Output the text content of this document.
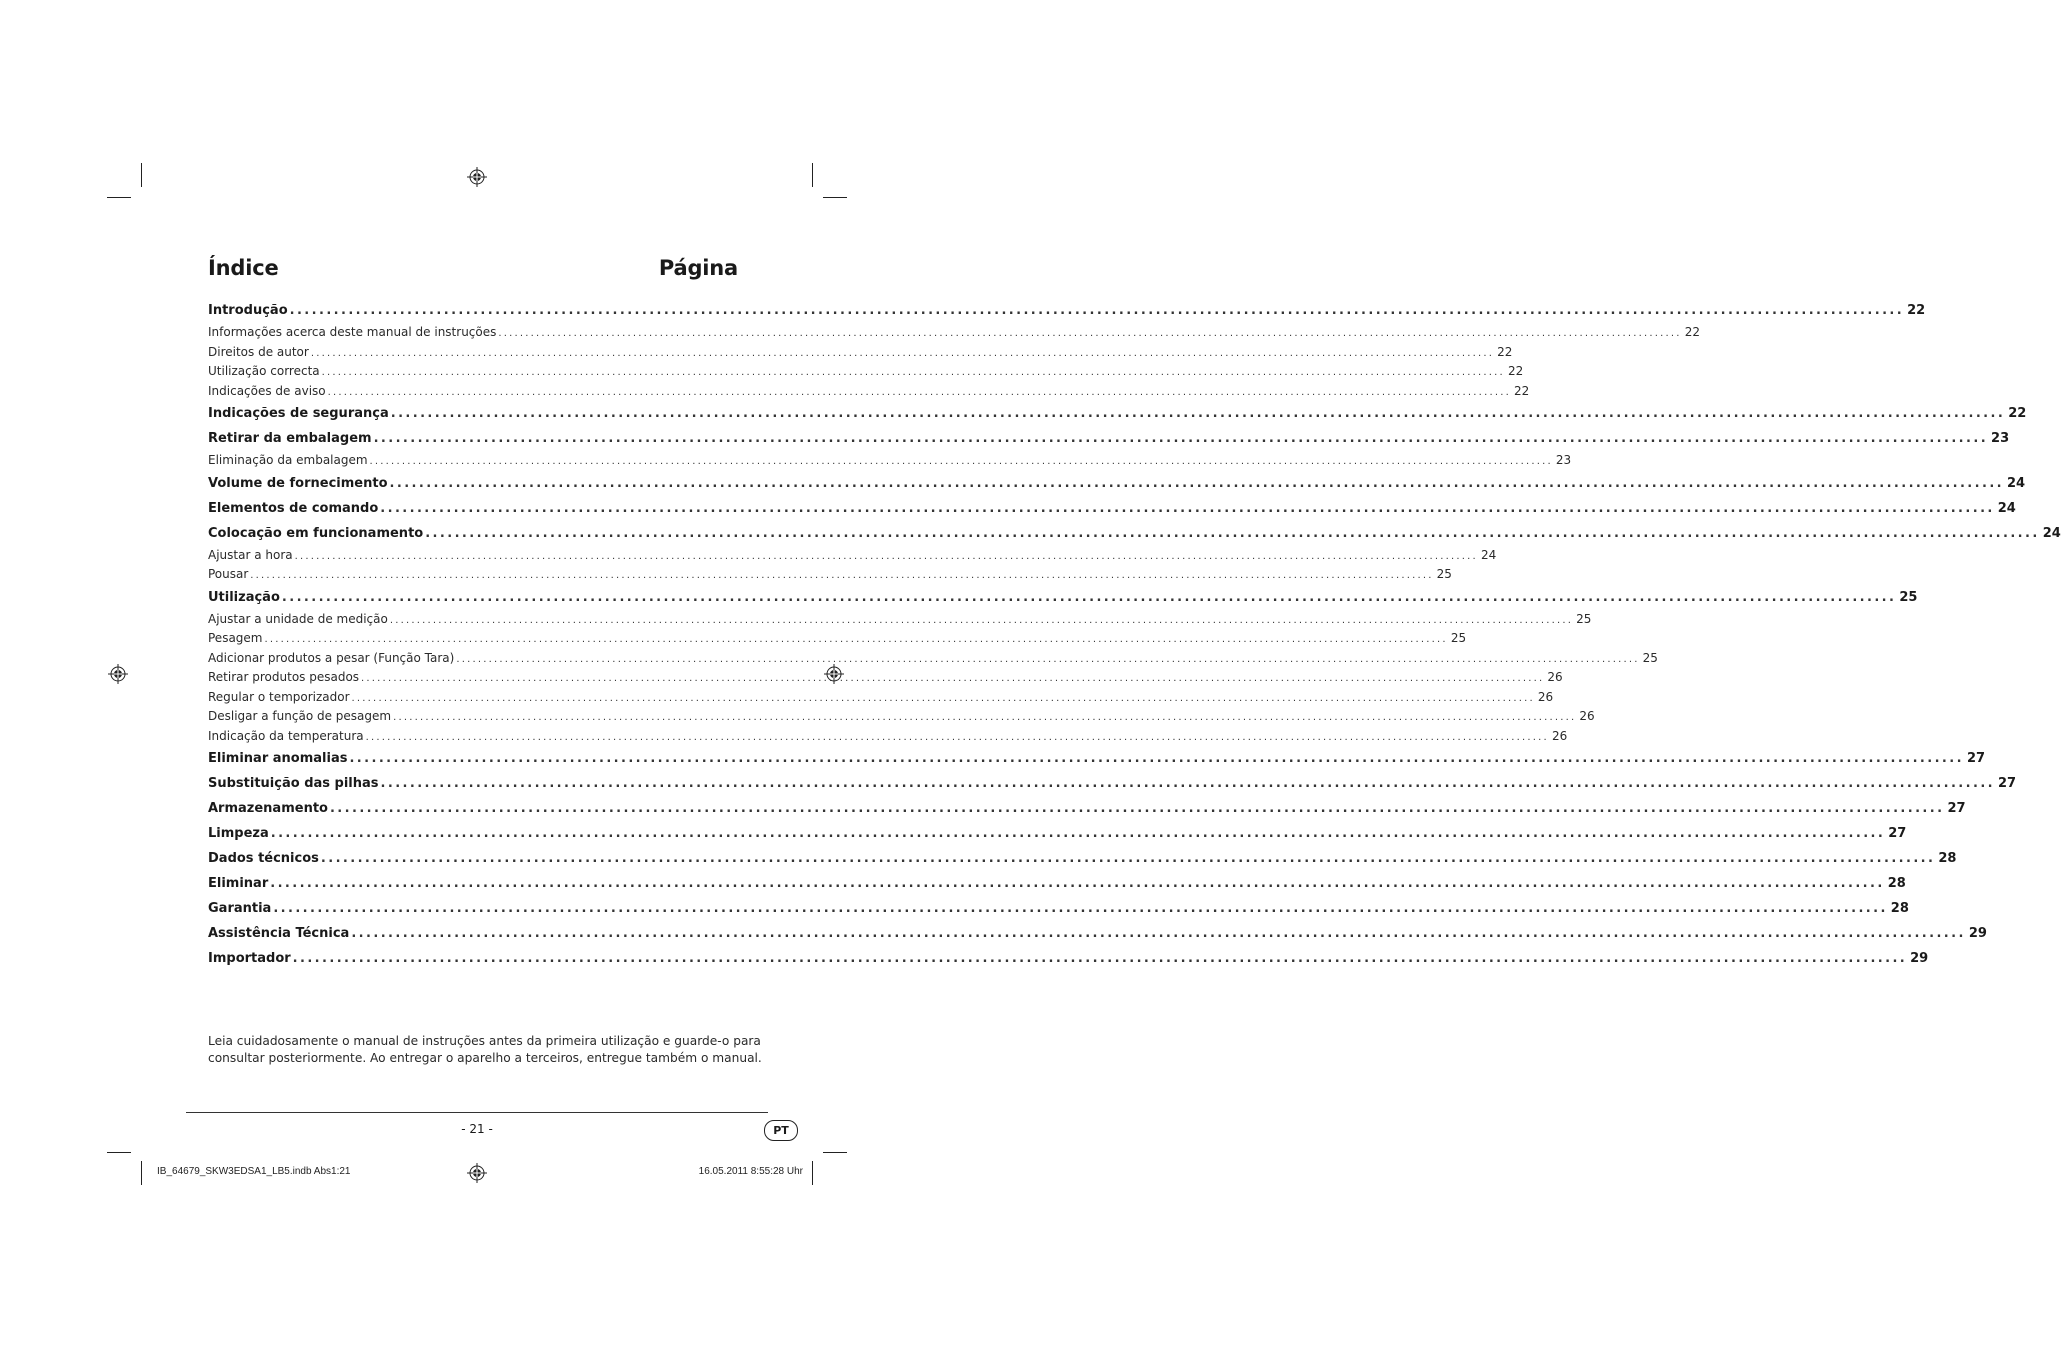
Índice	Página
Introdução ............................................................................................................................................................................................................................ 22
Informações acerca deste manual de instruções ............................................................................................................................................................................................................................ 22
Direitos de autor ............................................................................................................................................................................................................................ 22
Utilização correcta ............................................................................................................................................................................................................................ 22
Indicações de aviso ............................................................................................................................................................................................................................ 22
Indicações de segurança ............................................................................................................................................................................................................................ 22
Retirar da embalagem ............................................................................................................................................................................................................................ 23
Eliminação da embalagem ............................................................................................................................................................................................................................ 23
Volume de fornecimento ............................................................................................................................................................................................................................ 24
Elementos de comando ............................................................................................................................................................................................................................ 24
Colocação em funcionamento ............................................................................................................................................................................................................................ 24
Ajustar a hora ............................................................................................................................................................................................................................ 24
Pousar ............................................................................................................................................................................................................................ 25
Utilização ............................................................................................................................................................................................................................ 25
Ajustar a unidade de medição ............................................................................................................................................................................................................................ 25
Pesagem ............................................................................................................................................................................................................................ 25
Adicionar produtos a pesar (Função Tara) ............................................................................................................................................................................................................................ 25
Retirar produtos pesados ............................................................................................................................................................................................................................ 26
Regular o temporizador ............................................................................................................................................................................................................................ 26
Desligar a função de pesagem ............................................................................................................................................................................................................................ 26
Indicação da temperatura ............................................................................................................................................................................................................................ 26
Eliminar anomalias ............................................................................................................................................................................................................................ 27
Substituição das pilhas ............................................................................................................................................................................................................................ 27
Armazenamento ............................................................................................................................................................................................................................ 27
Limpeza ............................................................................................................................................................................................................................ 27
Dados técnicos ............................................................................................................................................................................................................................ 28
Eliminar ............................................................................................................................................................................................................................ 28
Garantia ............................................................................................................................................................................................................................ 28
Assistência Técnica ............................................................................................................................................................................................................................ 29
Importador ............................................................................................................................................................................................................................ 29
Leia cuidadosamente o manual de instruções antes da primeira utilização e guarde-o para
consultar posteriormente. Ao entregar o aparelho a terceiros, entregue também o manual.
- 21 -	PT
IB_64679_SKW3EDSA1_LB5.indb Abs1:21	16.05.2011 8:55:28 Uhr
